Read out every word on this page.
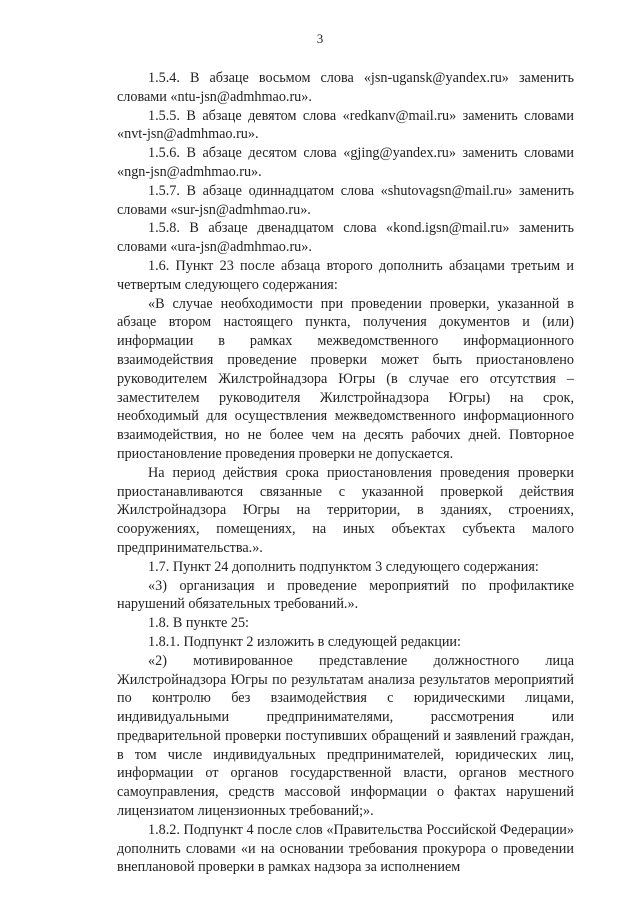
3

1.5.4. В абзаце восьмом слова «jsn-ugansk@yandex.ru» заменить словами «ntu-jsn@admhmao.ru».

1.5.5. В абзаце девятом слова «redkanv@mail.ru» заменить словами «nvt-jsn@admhmao.ru».

1.5.6. В абзаце десятом слова «gjing@yandex.ru» заменить словами «ngn-jsn@admhmao.ru».

1.5.7. В абзаце одиннадцатом слова «shutovagsn@mail.ru» заменить словами «sur-jsn@admhmao.ru».

1.5.8. В абзаце двенадцатом слова «kond.igsn@mail.ru» заменить словами «ura-jsn@admhmao.ru».

1.6. Пункт 23 после абзаца второго дополнить абзацами третьим и четвертым следующего содержания:

«В случае необходимости при проведении проверки, указанной в абзаце втором настоящего пункта, получения документов и (или) информации в рамках межведомственного информационного взаимодействия проведение проверки может быть приостановлено руководителем Жилстройнадзора Югры (в случае его отсутствия – заместителем руководителя Жилстройнадзора Югры) на срок, необходимый для осуществления межведомственного информационного взаимодействия, но не более чем на десять рабочих дней. Повторное приостановление проведения проверки не допускается.

На период действия срока приостановления проведения проверки приостанавливаются связанные с указанной проверкой действия Жилстройнадзора Югры на территории, в зданиях, строениях, сооружениях, помещениях, на иных объектах субъекта малого предпринимательства.».

1.7. Пункт 24 дополнить подпунктом 3 следующего содержания:

«3) организация и проведение мероприятий по профилактике нарушений обязательных требований.».

1.8. В пункте 25:

1.8.1. Подпункт 2 изложить в следующей редакции:

«2) мотивированное представление должностного лица Жилстройнадзора Югры по результатам анализа результатов мероприятий по контролю без взаимодействия с юридическими лицами, индивидуальными предпринимателями, рассмотрения или предварительной проверки поступивших обращений и заявлений граждан, в том числе индивидуальных предпринимателей, юридических лиц, информации от органов государственной власти, органов местного самоуправления, средств массовой информации о фактах нарушений лицензиатом лицензионных требований;».

1.8.2. Подпункт 4 после слов «Правительства Российской Федерации» дополнить словами «и на основании требования прокурора о проведении внеплановой проверки в рамках надзора за исполнением
